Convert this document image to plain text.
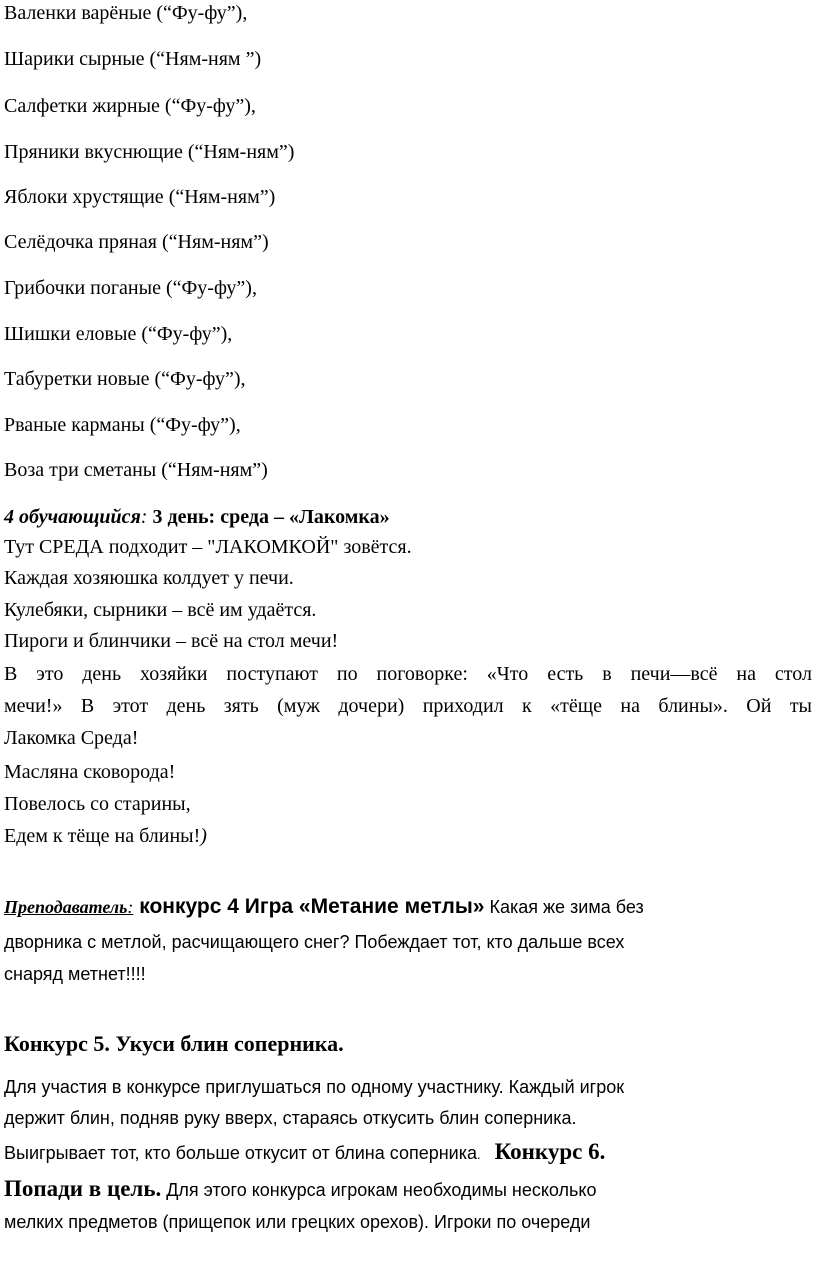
Валенки варёные (“Фу-фу”),
Шарики сырные (“Ням-ням ”)
Салфетки жирные (“Фу-фу”),
Пряники вкуснющие (“Ням-ням”)
Яблоки хрустящие (“Ням-ням”)
Селёдочка пряная (“Ням-ням”)
Грибочки поганые (“Фу-фу”),
Шишки еловые (“Фу-фу”),
Табуретки новые (“Фу-фу”),
Рваные карманы (“Фу-фу”),
Воза три сметаны (“Ням-ням”)
4 обучающийся: 3 день: среда – «Лакомка»
Тут СРЕДА подходит – "ЛАКОМКОЙ" зовётся.
Каждая хозяюшка колдует у печи.
Кулебяки, сырники – всё им удаётся.
Пироги и блинчики – всё на стол мечи!
В это день хозяйки поступают по поговорке: «Что есть в печи—всё на стол
мечи!» В этот день зять (муж дочери) приходил к «тёще на блины». Ой ты
Лакомка Среда!
Масляна сковорода!
Повелось со старины,
Едем к тёще на блины!)
Преподаватель: конкурс 4 Игра «Метание метлы» Какая же зима без
дворника с метлой, расчищающего снег? Побеждает тот, кто дальше всех
снаряд метнет!!!!
Конкурс 5. Укуси блин соперника.
Для участия в конкурсе приглушаться по одному участнику. Каждый игрок
держит блин, подняв руку вверх, стараясь откусить блин соперника.
Выигрывает тот, кто больше откусит от блина соперника. Конкурс 6.
Попади в цель. Для этого конкурса игрокам необходимы несколько
мелких предметов (прищепок или грецких орехов). Игроки по очереди
